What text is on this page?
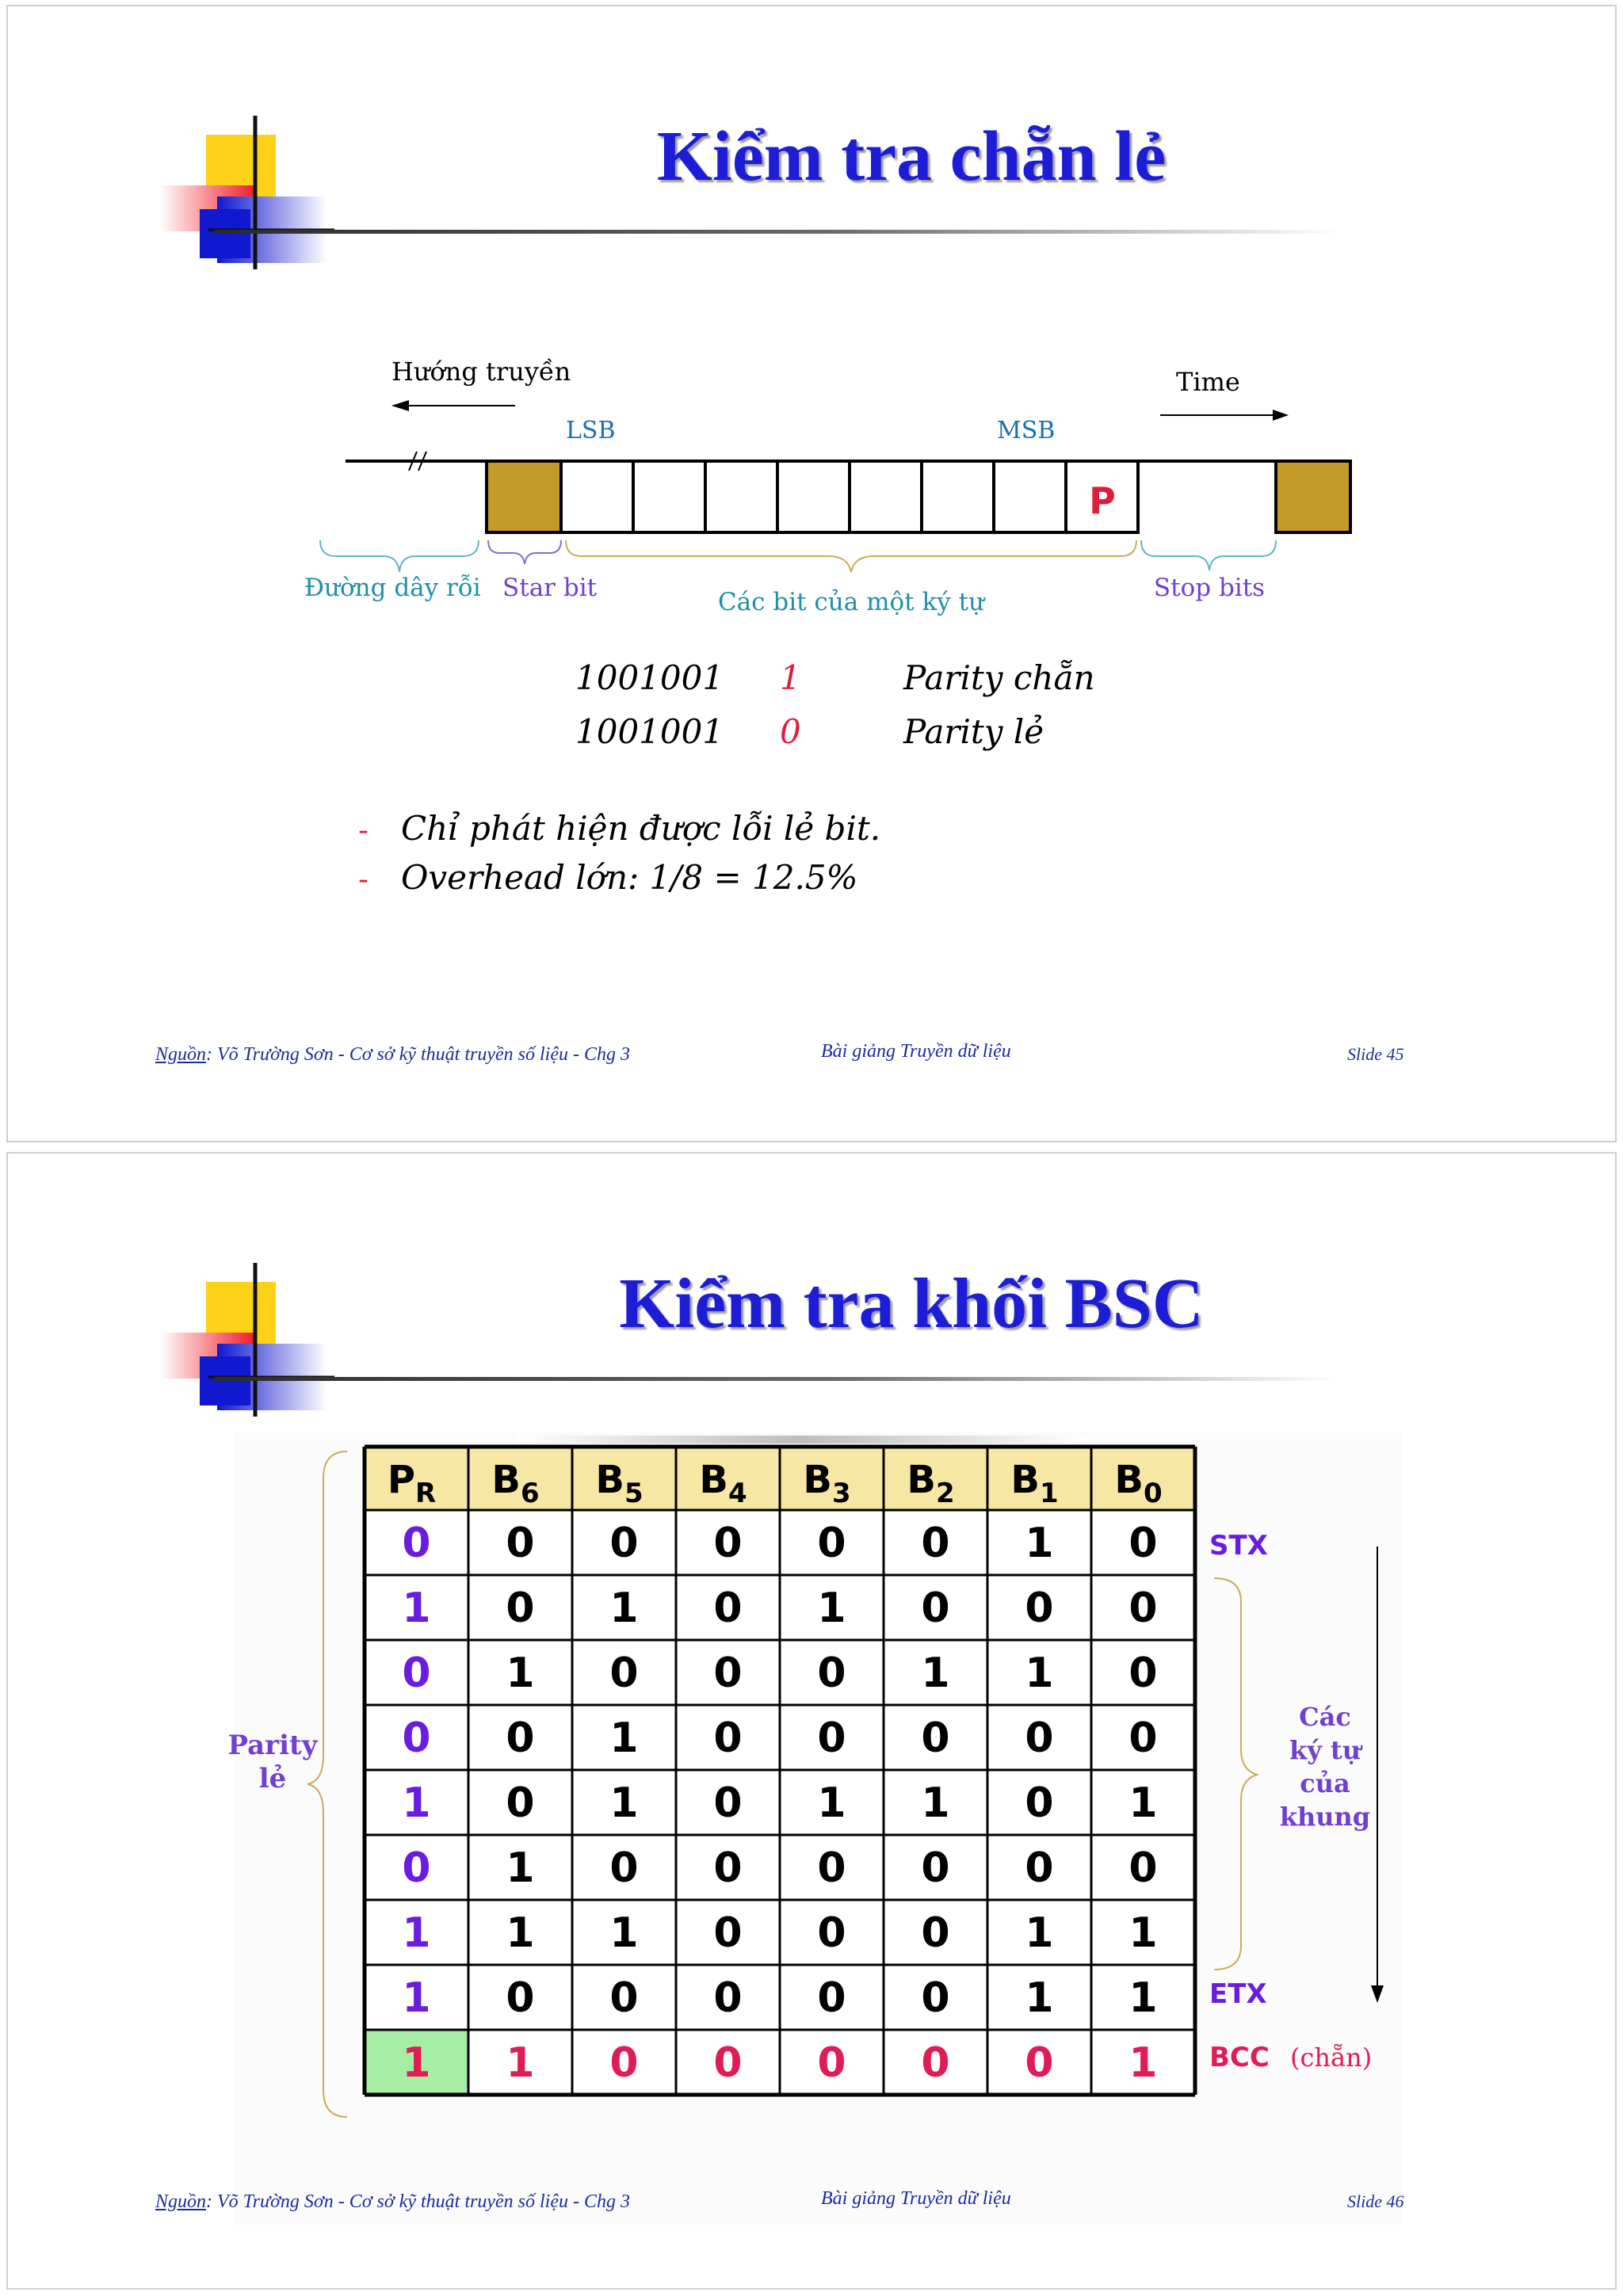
Kiểm tra chẵn lẻ
Hướng truyền	Time
LSB	MSB
P
Đường dây rỗi Star bit	Các bit của một ký tự	Stop bits
1001001 1	Parity chẵn
1001001 0	Parity lẻ
- Chỉ phát hiện được lỗi lẻ bit.
- Overhead lớn: 1/8 = 12.5%
Nguồn: Võ Trường Sơn - Cơ sở kỹ thuật truyền số liệu - Chg 3	Bài giảng Truyền dữ liệu	Slide 45
Kiểm tra khối BSC
$P_R$ $B_6$ $B_5$ $B_4$ $B_3$ $B_2$ $B_1$ $B_0$
0 0 0 0 0 0 1 0
1 0 1 0 1 0 0 0
0 1 0 0 0 1 1 0
0 0 1 0 0 0 0 0
1 0 1 0 1 1 0 1
0 1 0 0 0 0 0 0
1 1 1 0 0 0 1 1
1 0 0 0 0 0 1 1
1 1 0 0 0 0 0 1
Parity
lẻ
STX
Các
ký tự
của
khung
ETX
BCC (chẵn)
Nguồn: Võ Trường Sơn - Cơ sở kỹ thuật truyền số liệu - Chg 3	Bài giảng Truyền dữ liệu	Slide 46
